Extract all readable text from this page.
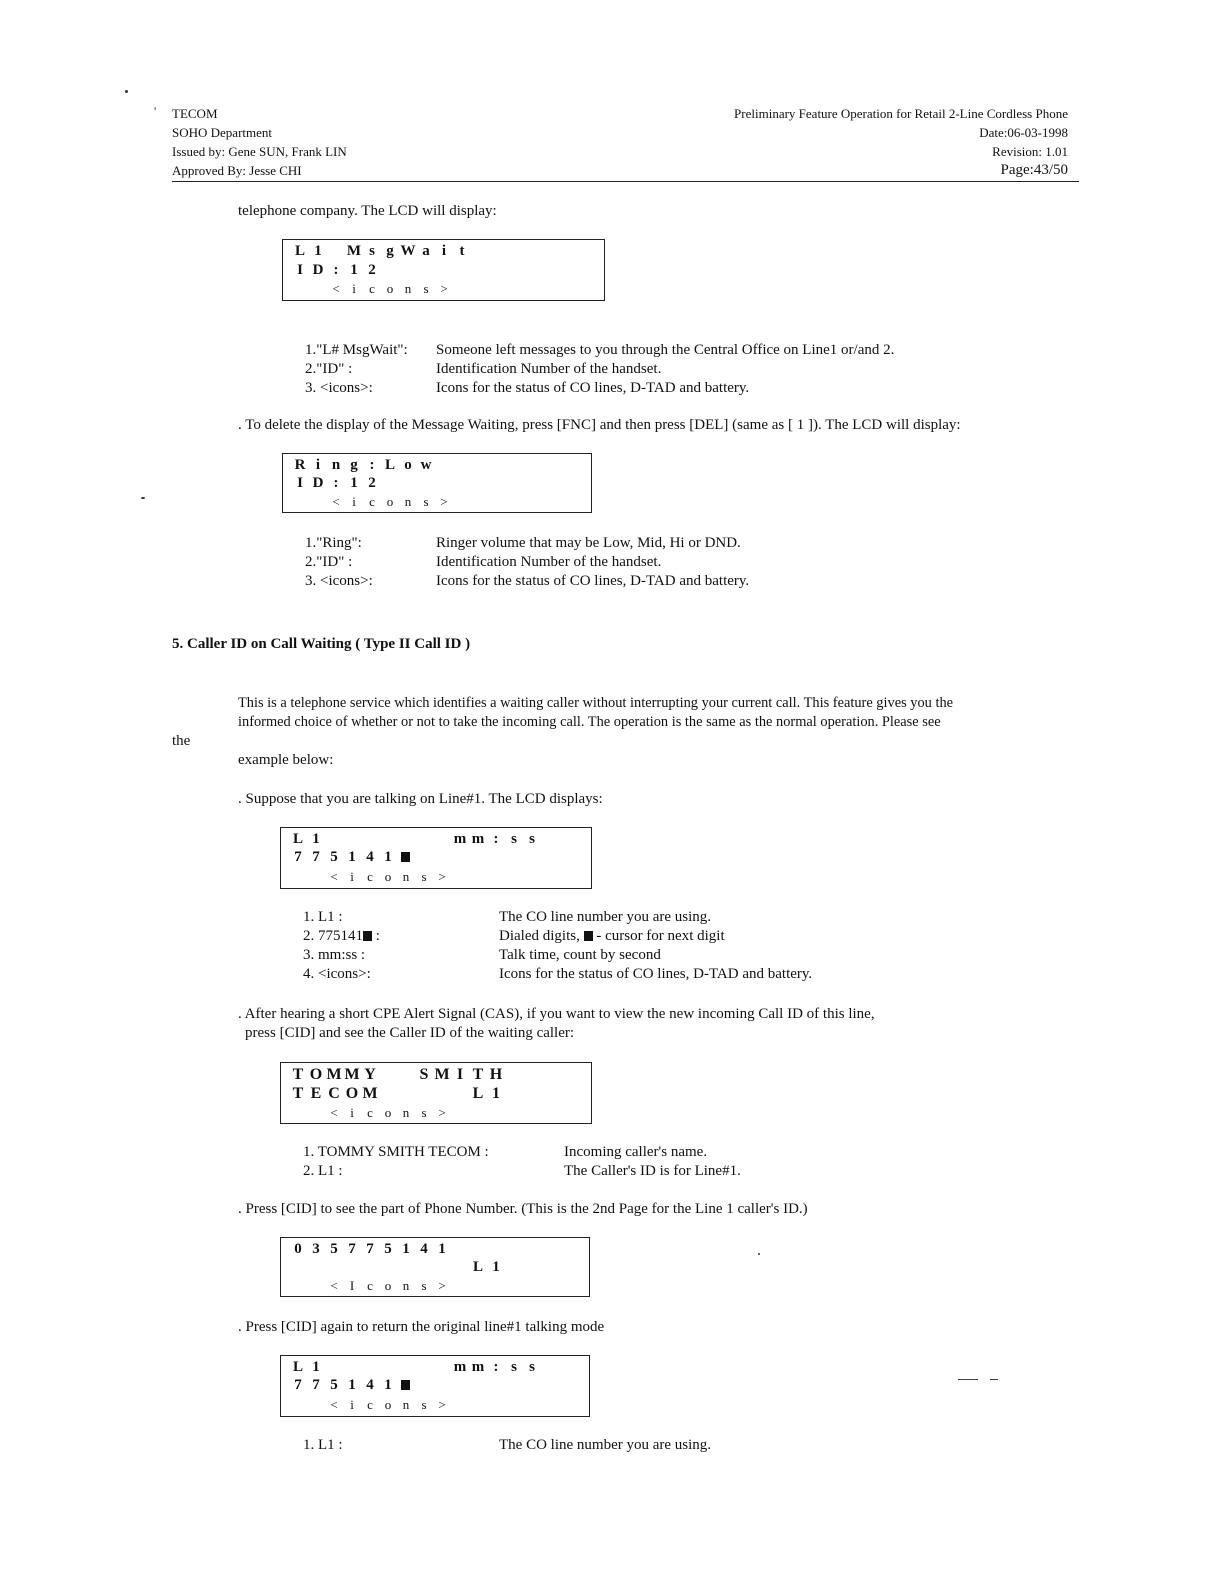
' TECOM
SOHO Department
Issued by: Gene SUN, Frank LIN
Approved By: Jesse CHI
Preliminary Feature Operation for Retail 2-Line Cordless Phone
Date:06-03-1998
Revision: 1.01
Page:43/50
telephone company. The LCD will display:
L 1 M s g W a i t
I D : 1 2
< i c o n s >
1."L# MsgWait": Someone left messages to you through the Central Office on Line1 or/and 2.
2."ID" :	Identification Number of the handset.
3. <icons>:	Icons for the status of CO lines, D-TAD and battery.
. To delete the display of the Message Waiting, press [FNC] and then press [DEL] (same as [ 1 ]). The LCD will display:
R i n g : L o w
I D : 1 2
< i c o n s >
1."Ring":	Ringer volume that may be Low, Mid, Hi or DND.
2."ID" :	Identification Number of the handset.
3. <icons>:	Icons for the status of CO lines, D-TAD and battery.
5. Caller ID on Call Waiting ( Type II Call ID )
This is a telephone service which identifies a waiting caller without interrupting your current call. This feature gives you the
informed choice of whether or not to take the incoming call. The operation is the same as the normal operation. Please see
the
example below:
. Suppose that you are talking on Line#1. The LCD displays:
L 1	m m : s s
7 7 5 1 4 1
< i c o n s >
1. L1 :	The CO line number you are using.
2. 775141 :	Dialed digits,  - cursor for next digit
3. mm:ss :	Talk time, count by second
4. <icons>:	Icons for the status of CO lines, D-TAD and battery.
. After hearing a short CPE Alert Signal (CAS), if you want to view the new incoming Call ID of this line,
press [CID] and see the Caller ID of the waiting caller:
T O M M Y	S M I T H
T E C O M	L 1
< i c o n s >
1. TOMMY SMITH TECOM :	Incoming caller's name.
2. L1 :	The Caller's ID is for Line#1.
. Press [CID] to see the part of Phone Number. (This is the 2nd Page for the Line 1 caller's ID.)
0 3 5 7 7 5 1 4 1
L 1
< I c o n s >
. Press [CID] again to return the original line#1 talking mode
L 1	m m : s s
7 7 5 1 4 1
< i c o n s >
1. L1 :	The CO line number you are using.
